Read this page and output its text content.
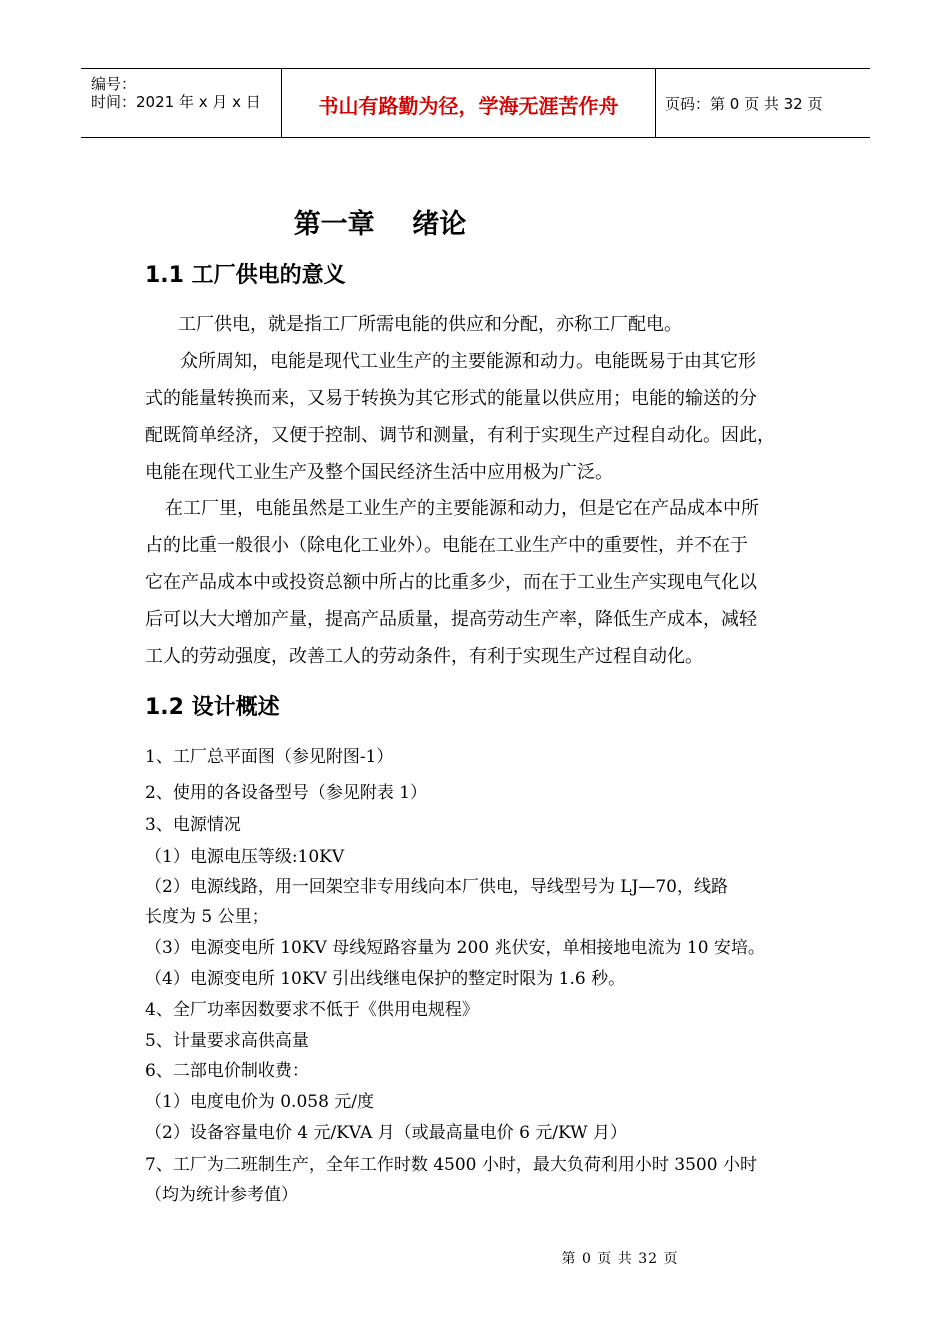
编号：
时间：2021 年 x 月 x 日	书山有路勤为径，学海无涯苦作舟	页码：第 0 页 共 32 页
第一章    绪论
1.1 工厂供电的意义
工厂供电，就是指工厂所需电能的供应和分配，亦称工厂配电。
众所周知，电能是现代工业生产的主要能源和动力。电能既易于由其它形
式的能量转换而来，又易于转换为其它形式的能量以供应用；电能的输送的分
配既简单经济，又便于控制、调节和测量，有利于实现生产过程自动化。因此，
电能在现代工业生产及整个国民经济生活中应用极为广泛。
在工厂里，电能虽然是工业生产的主要能源和动力，但是它在产品成本中所
占的比重一般很小（除电化工业外）。电能在工业生产中的重要性，并不在于
它在产品成本中或投资总额中所占的比重多少，而在于工业生产实现电气化以
后可以大大增加产量，提高产品质量，提高劳动生产率，降低生产成本，减轻
工人的劳动强度，改善工人的劳动条件，有利于实现生产过程自动化。
1.2 设计概述
1、工厂总平面图（参见附图-1）
2、使用的各设备型号（参见附表 1）
3、电源情况
（1）电源电压等级:10KV
（2）电源线路，用一回架空非专用线向本厂供电，导线型号为 LJ—70，线路
长度为 5 公里；
（3）电源变电所 10KV 母线短路容量为 200 兆伏安，单相接地电流为 10 安培。
（4）电源变电所 10KV 引出线继电保护的整定时限为 1.6 秒。
4、全厂功率因数要求不低于《供用电规程》
5、计量要求高供高量
6、二部电价制收费：
（1）电度电价为 0.058 元/度
（2）设备容量电价 4 元/KVA 月（或最高量电价 6 元/KW 月）
7、工厂为二班制生产，全年工作时数 4500 小时，最大负荷利用小时 3500 小时
（均为统计参考值）
第 0 页 共 32 页
